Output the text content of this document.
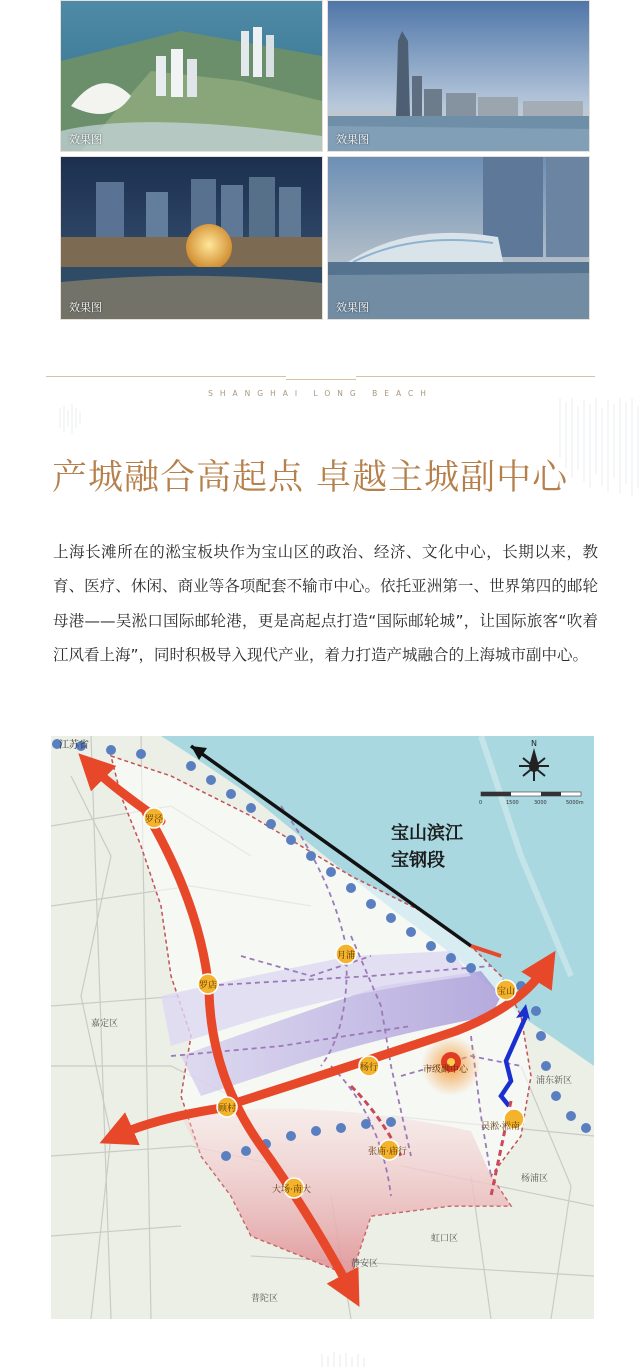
效果图	效果图
效果图	效果图
SHANGHAI LONG BEACH
产城融合高起点 卓越主城副中心

上海长滩所在的淞宝板块作为宝山区的政治、经济、文化中心，长期以来，教育、医疗、休闲、商业等各项配套不输市中心。依托亚洲第一、世界第四的邮轮母港——吴淞口国际邮轮港，更是高起点打造“国际邮轮城”，让国际旅客“吹着江风看上海”，同时积极导入现代产业，着力打造产城融合的上海城市副中心。

罗泾
罗店
月浦
顾村
杨行
宝山
市级副中心
吴淞·淞南
张庙·庙行
大场·南大
嘉定区
普陀区
静安区
虹口区
杨浦区
浦东新区
江苏省
宝山滨江
宝钢段
N
0	1500	3000	5000m
